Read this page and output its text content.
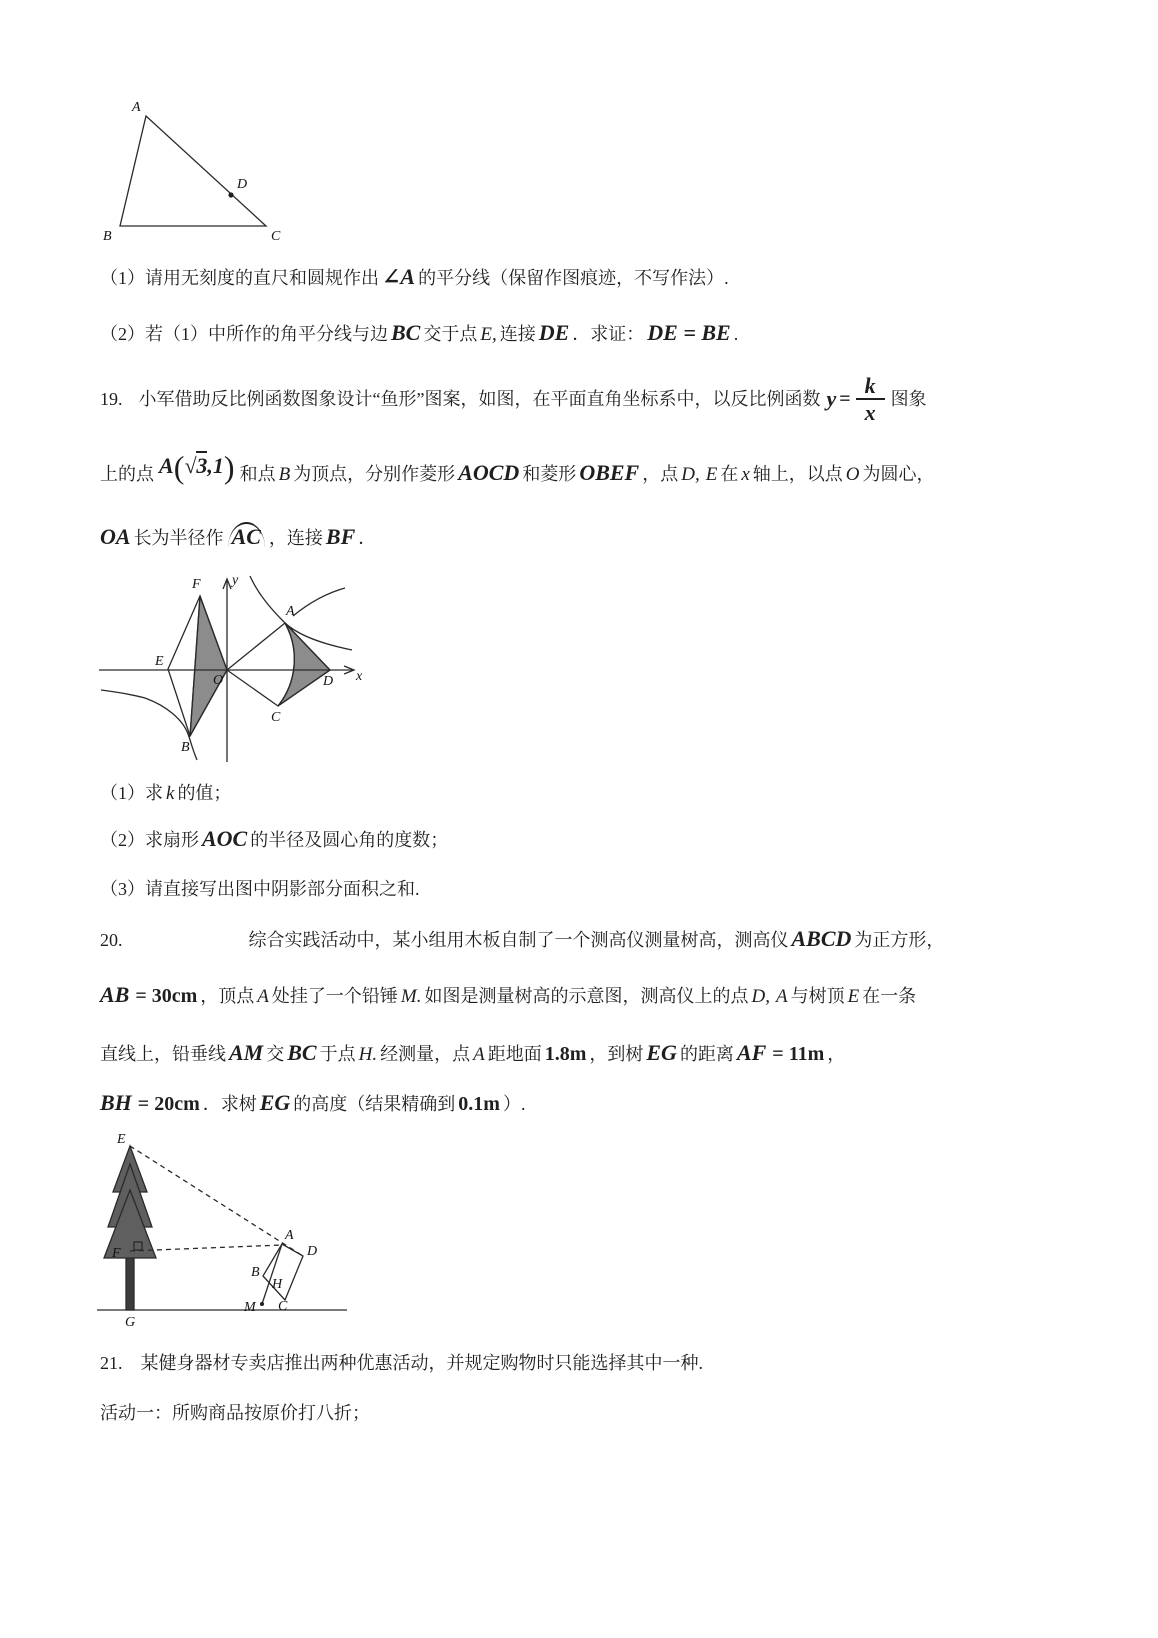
A
B	C
D
（1）请用无刻度的直尺和圆规作出 ∠A 的平分线（保留作图痕迹，不写作法）.
（2）若（1）中所作的角平分线与边 BC 交于点 E, 连接 DE ．求证： DE = BE .
19. 小军借助反比例函数图象设计“鱼形”图案，如图，在平面直角坐标系中，以反比例函数 $y = \frac{k}{x}$ 图象
上的点 A(√3,1) 和点 B 为顶点，分别作菱形 AOCD 和菱形 OBEF ，点 D, E 在 x 轴上，以点 O 为圆心，
OA 长为半径作 AC ，连接 BF ．
y
x
O
A
C
D
B
E
F
（1）求 k 的值；
（2）求扇形 AOC 的半径及圆心角的度数；
（3）请直接写出图中阴影部分面积之和.
20.	综合实践活动中，某小组用木板自制了一个测高仪测量树高，测高仪 ABCD 为正方形，
AB = 30cm ，顶点 A 处挂了一个铅锤 M. 如图是测量树高的示意图，测高仪上的点 D, A 与树顶 E 在一条
直线上，铅垂线 AM 交 BC 于点 H. 经测量，点 A 距地面 1.8m ，到树 EG 的距离 AF = 11m ，
BH = 20cm ．求树 EG 的高度（结果精确到 0.1m ）.
E
F
G
A
D
B
H
C
M
21.　某健身器材专卖店推出两种优惠活动，并规定购物时只能选择其中一种.
活动一：所购商品按原价打八折；
